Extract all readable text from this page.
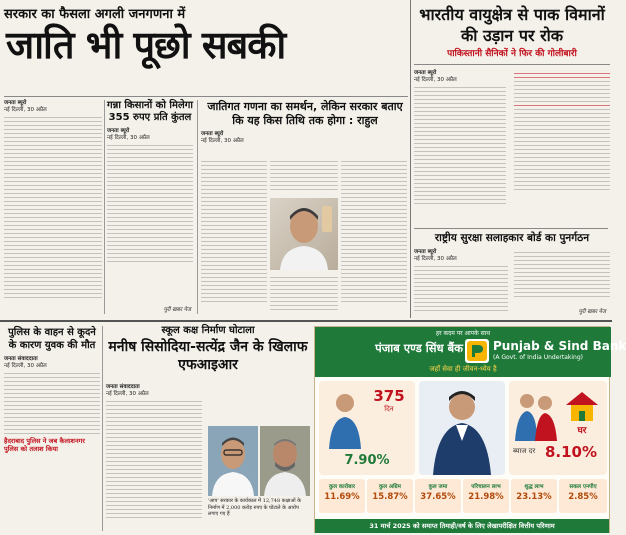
सरकार का फैसला अगली जनगणना में
जाति भी पूछो सबकी
जनता ब्यूरो
नई दिल्ली, 30 अप्रैल	गन्ना किसानों को मिलेगा 355 रुपए प्रति कुंतल
जनता ब्यूरो
नई दिल्ली, 30 अप्रैल
पूरी खबर पेज
जातिगत गणना का समर्थन, लेकिन सरकार बताए कि यह किस तिथि तक होगा : राहुल
जनता ब्यूरो
नई दिल्ली, 30 अप्रैल
भारतीय वायुक्षेत्र से पाक विमानों की उड़ान पर रोक
पाकिस्तानी सैनिकों ने फिर की गोलीबारी
जनता ब्यूरो
नई दिल्ली, 30 अप्रैल
राष्ट्रीय सुरक्षा सलाहकार बोर्ड का पुनर्गठन
जनता ब्यूरो
नई दिल्ली, 30 अप्रैल
पूरी खबर पेज
पुलिस के वाहन से कूदने के कारण युवक की मौत
जनता संवाददाता
नई दिल्ली, 30 अप्रैल
हैदराबाद पुलिस ने जब कैलाशनगर पुलिस को तलाश किया
स्कूल कक्ष निर्माण घोटाला
मनीष सिसोदिया-सत्येंद्र जैन के खिलाफ एफआइआर
जनता संवाददाता
नई दिल्ली, 30 अप्रैल
'आप' सरकार के कार्यकाल में 12,748 कक्षाओं के निर्माण में 2,000 करोड़ रुपए के घोटाले के आरोप लगाए गए हैं
हर कदम पर आपके साथ
पंजाब एण्ड सिंध बैंक	Punjab & Sind Bank
(A Govt. of India Undertaking)
जहाँ सेवा ही जीवन-ध्येय है
375
दिन
7.90%
घर
ब्याज दर 8.10%
कुल कारोबार
11.69%
कुल अग्रिम
15.87%
कुल जमा
37.65%
परिचालन लाभ
21.98%
शुद्ध लाभ
23.13%
सकल एनपीए
2.85%
31 मार्च 2025 को समाप्त तिमाही/वर्ष के लिए लेखापरीक्षित वित्तीय परिणाम
